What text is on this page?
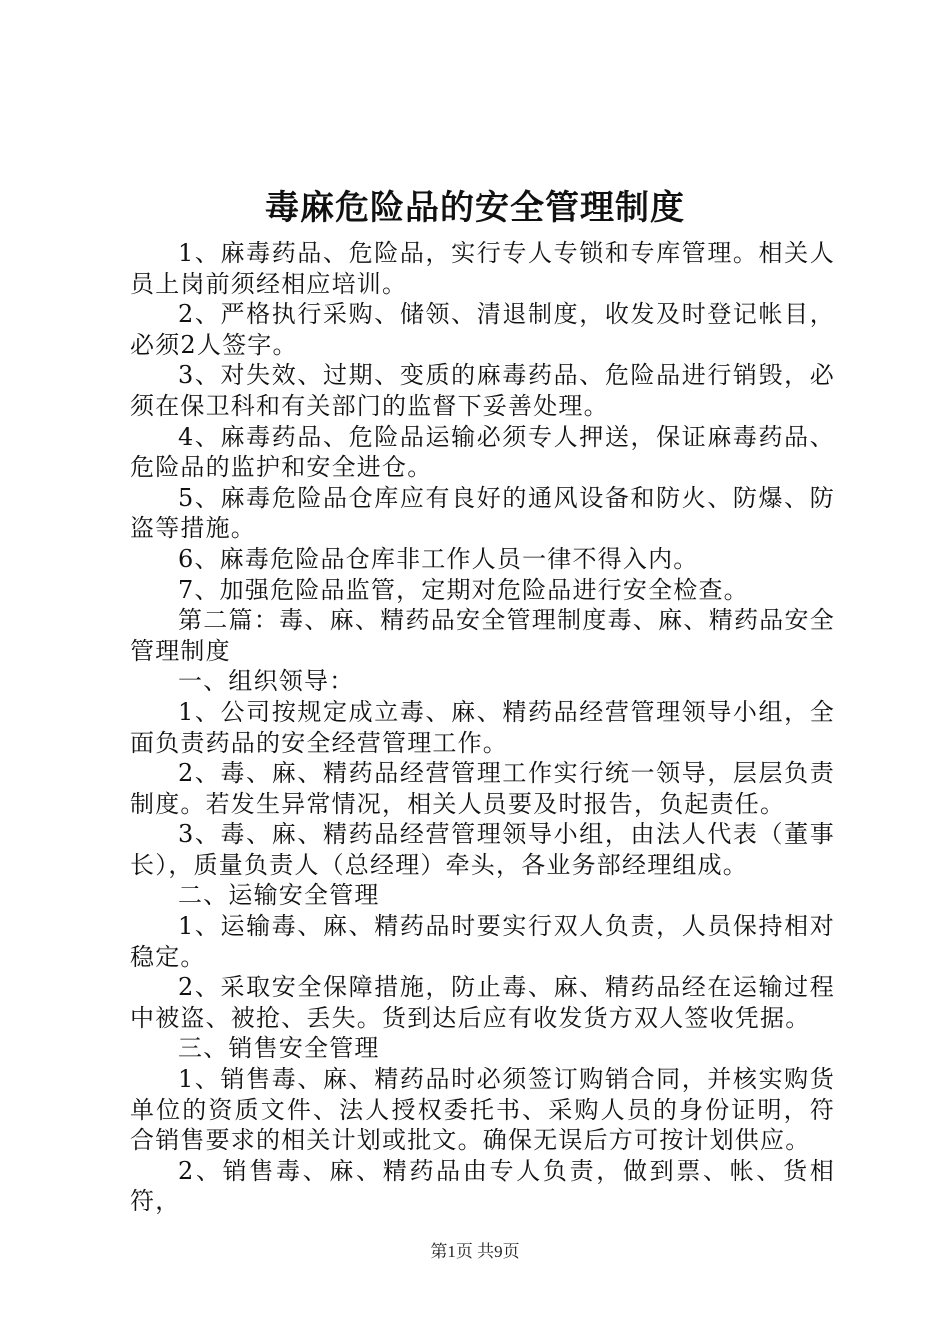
毒麻危险品的安全管理制度

1、麻毒药品、危险品，实行专人专锁和专库管理。相关人员上岗前须经相应培训。

2、严格执行采购、储领、清退制度，收发及时登记帐目，必须2人签字。

3、对失效、过期、变质的麻毒药品、危险品进行销毁，必须在保卫科和有关部门的监督下妥善处理。

4、麻毒药品、危险品运输必须专人押送，保证麻毒药品、危险品的监护和安全进仓。

5、麻毒危险品仓库应有良好的通风设备和防火、防爆、防盗等措施。

6、麻毒危险品仓库非工作人员一律不得入内。

7、加强危险品监管，定期对危险品进行安全检查。

第二篇：毒、麻、精药品安全管理制度毒、麻、精药品安全管理制度

一、组织领导：

1、公司按规定成立毒、麻、精药品经营管理领导小组，全面负责药品的安全经营管理工作。

2、毒、麻、精药品经营管理工作实行统一领导，层层负责制度。若发生异常情况，相关人员要及时报告，负起责任。

3、毒、麻、精药品经营管理领导小组，由法人代表（董事长），质量负责人（总经理）牵头，各业务部经理组成。

二、运输安全管理

1、运输毒、麻、精药品时要实行双人负责，人员保持相对稳定。

2、采取安全保障措施，防止毒、麻、精药品经在运输过程中被盗、被抢、丢失。货到达后应有收发货方双人签收凭据。

三、销售安全管理

1、销售毒、麻、精药品时必须签订购销合同，并核实购货单位的资质文件、法人授权委托书、采购人员的身份证明，符合销售要求的相关计划或批文。确保无误后方可按计划供应。

2、销售毒、麻、精药品由专人负责，做到票、帐、货相符，

第1页 共9页
